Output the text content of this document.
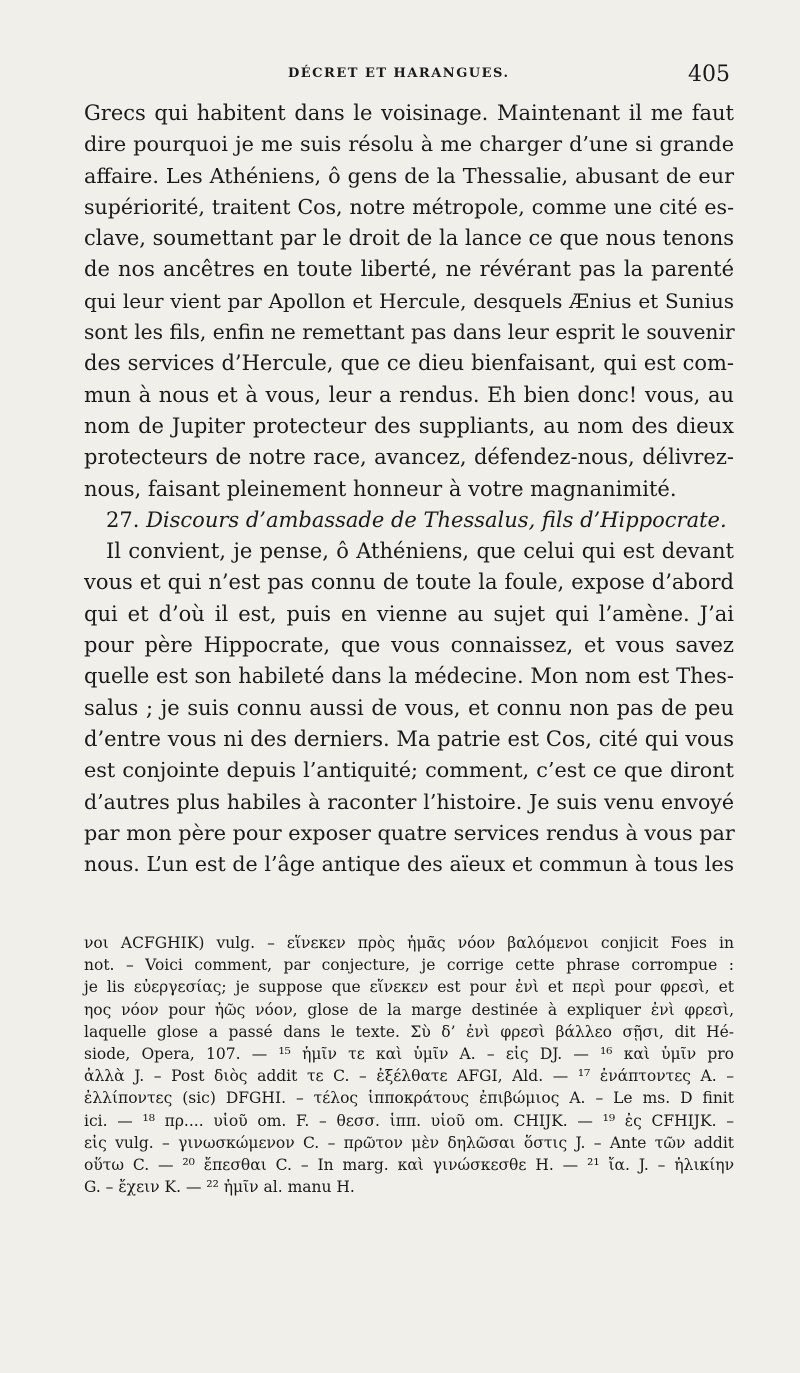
DÉCRET ET HARANGUES.	405
Grecs qui habitent dans le voisinage. Maintenant il me faut
dire pourquoi je me suis résolu à me charger d’une si grande
affaire. Les Athéniens, ô gens de la Thessalie, abusant de eur
supériorité, traitent Cos, notre métropole, comme une cité es-
clave, soumettant par le droit de la lance ce que nous tenons
de nos ancêtres en toute liberté, ne révérant pas la parenté
qui leur vient par Apollon et Hercule, desquels Ænius et Sunius
sont les fils, enfin ne remettant pas dans leur esprit le souvenir
des services d’Hercule, que ce dieu bienfaisant, qui est com-
mun à nous et à vous, leur a rendus. Eh bien donc! vous, au
nom de Jupiter protecteur des suppliants, au nom des dieux
protecteurs de notre race, avancez, défendez-nous, délivrez-
nous, faisant pleinement honneur à votre magnanimité.
27. Discours d’ambassade de Thessalus, fils d’Hippocrate.
Il convient, je pense, ô Athéniens, que celui qui est devant
vous et qui n’est pas connu de toute la foule, expose d’abord
qui et d’où il est, puis en vienne au sujet qui l’amène. J’ai
pour père Hippocrate, que vous connaissez, et vous savez
quelle est son habileté dans la médecine. Mon nom est Thes-
salus ; je suis connu aussi de vous, et connu non pas de peu
d’entre vous ni des derniers. Ma patrie est Cos, cité qui vous
est conjointe depuis l’antiquité; comment, c’est ce que diront
d’autres plus habiles à raconter l’histoire. Je suis venu envoyé
par mon père pour exposer quatre services rendus à vous par
nous. L’un est de l’âge antique des aïeux et commun à tous les
νοι ACFGHIK) vulg. – εἵνεκεν πρὸς ἡμᾶς νόον βαλόμενοι conjicit Foes in
not. – Voici comment, par conjecture, je corrige cette phrase corrompue :
je lis εὐεργεσίας; je suppose que εἵνεκεν est pour ἐνὶ et περὶ pour φρεσὶ, et
ηος νόον pour ἠῶς νόον, glose de la marge destinée à expliquer ἐνὶ φρεσὶ,
laquelle glose a passé dans le texte. Σὺ δ’ ἐνὶ φρεσὶ βάλλεο σῇσι, dit Hé-
siode, Opera, 107. — ¹⁵ ἡμῖν τε καὶ ὑμῖν A. – εἰς DJ. — ¹⁶ καὶ ὑμῖν pro
ἀλλὰ J. – Post διὸς addit τε C. – ἐξέλθατε AFGI, Ald. — ¹⁷ ἐνάπτοντες A. –
ἐλλίποντες (sic) DFGHI. – τέλος ἱπποκράτους ἐπιβώμιος A. – Le ms. D finit
ici. — ¹⁸ πρ.... υἱοῦ om. F. – θεσσ. ἱππ. υἱοῦ om. CHIJK. — ¹⁹ ἐς CFHIJK. –
εἰς vulg. – γινωσκώμενον C. – πρῶτον μὲν δηλῶσαι ὅστις J. – Ante τῶν addit
οὕτω C. — ²⁰ ἔπεσθαι C. – In marg. καὶ γινώσκεσθε H. — ²¹ ἴα. J. – ἡλικίην
G. – ἔχειν K. — ²² ἡμῖν al. manu H.
